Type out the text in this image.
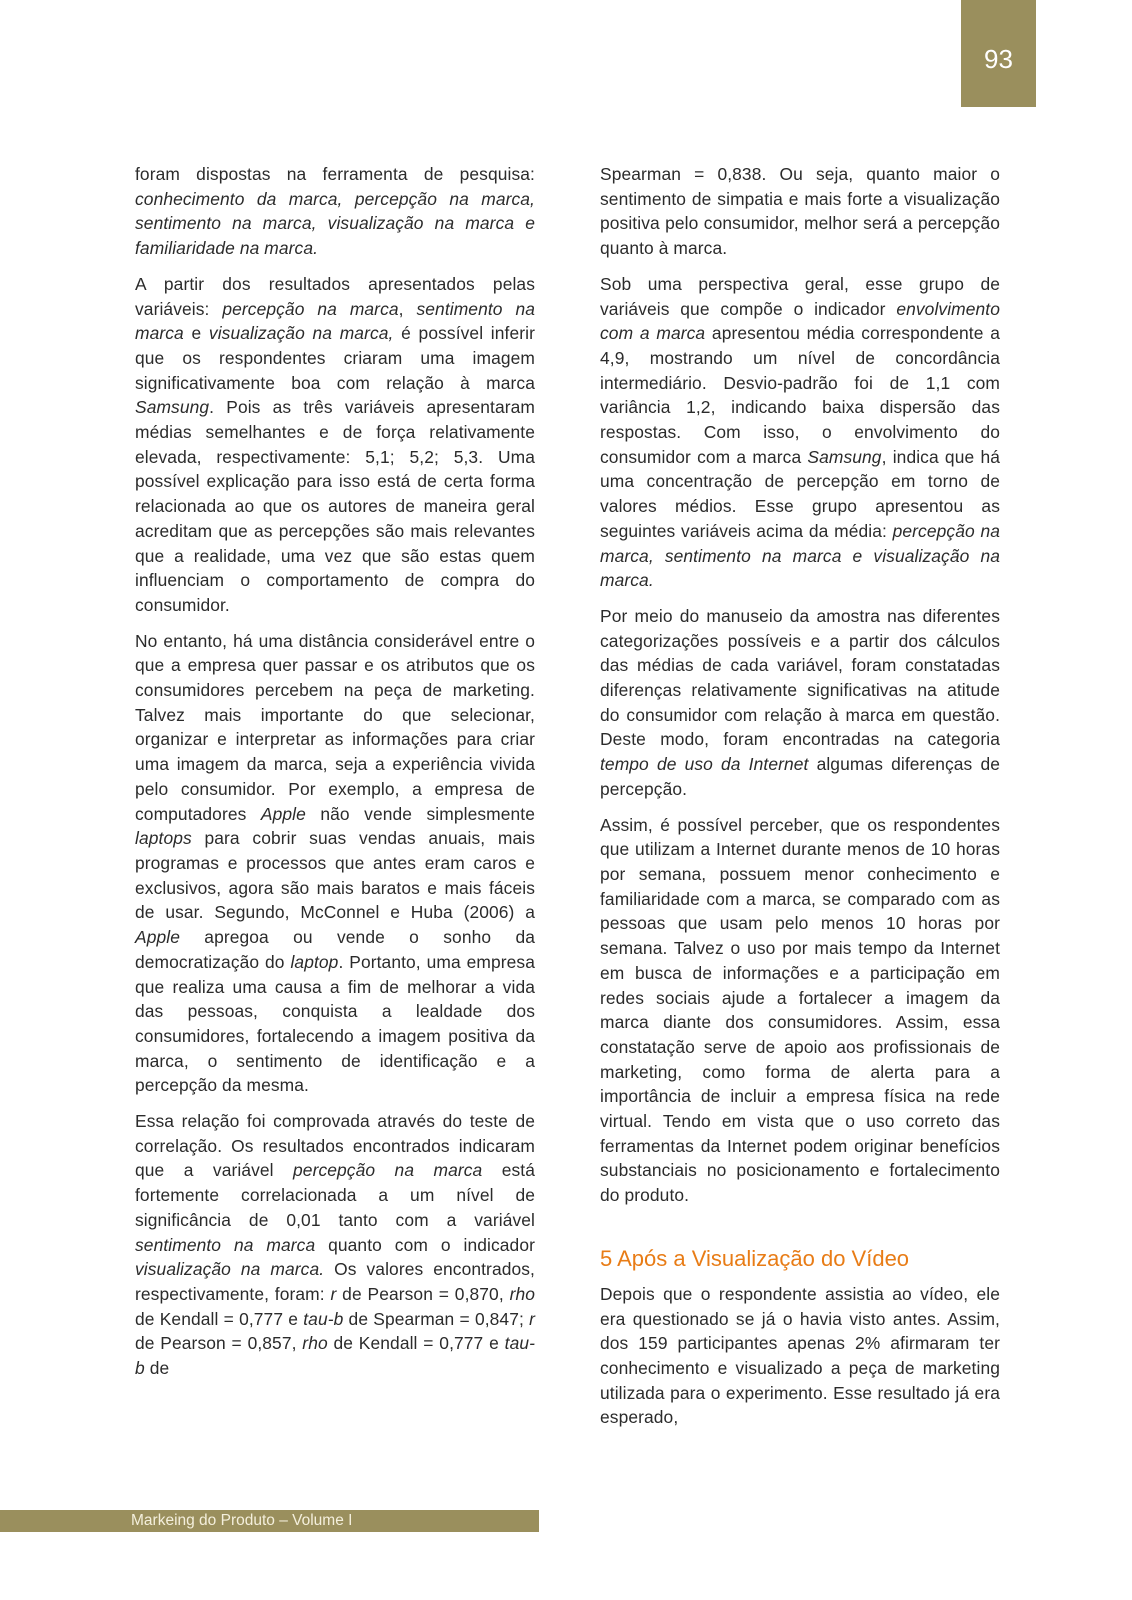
93

foram dispostas na ferramenta de pesquisa: conhecimento da marca, percepção na marca, sentimento na marca, visualização na marca e familiaridade na marca.

A partir dos resultados apresentados pelas variáveis: percepção na marca, sentimento na marca e visualização na marca, é possível inferir que os respondentes criaram uma imagem significativamente boa com relação à marca Samsung. Pois as três variáveis apresentaram médias semelhantes e de força relativamente elevada, respectivamente: 5,1; 5,2; 5,3. Uma possível explicação para isso está de certa forma relacionada ao que os autores de maneira geral acreditam que as percepções são mais relevantes que a realidade, uma vez que são estas quem influenciam o comportamento de compra do consumidor.

No entanto, há uma distância considerável entre o que a empresa quer passar e os atributos que os consumidores percebem na peça de marketing. Talvez mais importante do que selecionar, organizar e interpretar as informações para criar uma imagem da marca, seja a experiência vivida pelo consumidor. Por exemplo, a empresa de computadores Apple não vende simplesmente laptops para cobrir suas vendas anuais, mais programas e processos que antes eram caros e exclusivos, agora são mais baratos e mais fáceis de usar. Segundo, McConnel e Huba (2006) a Apple apregoa ou vende o sonho da democratização do laptop. Portanto, uma empresa que realiza uma causa a fim de melhorar a vida das pessoas, conquista a lealdade dos consumidores, fortalecendo a imagem positiva da marca, o sentimento de identificação e a percepção da mesma.

Essa relação foi comprovada através do teste de correlação. Os resultados encontrados indicaram que a variável percepção na marca está fortemente correlacionada a um nível de significância de 0,01 tanto com a variável sentimento na marca quanto com o indicador visualização na marca. Os valores encontrados, respectivamente, foram: r de Pearson = 0,870, rho de Kendall = 0,777 e tau-b de Spearman = 0,847; r de Pearson = 0,857, rho de Kendall = 0,777 e tau-b de

Spearman = 0,838. Ou seja, quanto maior o sentimento de simpatia e mais forte a visualização positiva pelo consumidor, melhor será a percepção quanto à marca.

Sob uma perspectiva geral, esse grupo de variáveis que compõe o indicador envolvimento com a marca apresentou média correspondente a 4,9, mostrando um nível de concordância intermediário. Desvio-padrão foi de 1,1 com variância 1,2, indicando baixa dispersão das respostas. Com isso, o envolvimento do consumidor com a marca Samsung, indica que há uma concentração de percepção em torno de valores médios. Esse grupo apresentou as seguintes variáveis acima da média: percepção na marca, sentimento na marca e visualização na marca.

Por meio do manuseio da amostra nas diferentes categorizações possíveis e a partir dos cálculos das médias de cada variável, foram constatadas diferenças relativamente significativas na atitude do consumidor com relação à marca em questão. Deste modo, foram encontradas na categoria tempo de uso da Internet algumas diferenças de percepção.

Assim, é possível perceber, que os respondentes que utilizam a Internet durante menos de 10 horas por semana, possuem menor conhecimento e familiaridade com a marca, se comparado com as pessoas que usam pelo menos 10 horas por semana. Talvez o uso por mais tempo da Internet em busca de informações e a participação em redes sociais ajude a fortalecer a imagem da marca diante dos consumidores. Assim, essa constatação serve de apoio aos profissionais de marketing, como forma de alerta para a importância de incluir a empresa física na rede virtual. Tendo em vista que o uso correto das ferramentas da Internet podem originar benefícios substanciais no posicionamento e fortalecimento do produto.

5 Após a Visualização do Vídeo

Depois que o respondente assistia ao vídeo, ele era questionado se já o havia visto antes. Assim, dos 159 participantes apenas 2% afirmaram ter conhecimento e visualizado a peça de marketing utilizada para o experimento. Esse resultado já era esperado,

Markeing do Produto – Volume I
